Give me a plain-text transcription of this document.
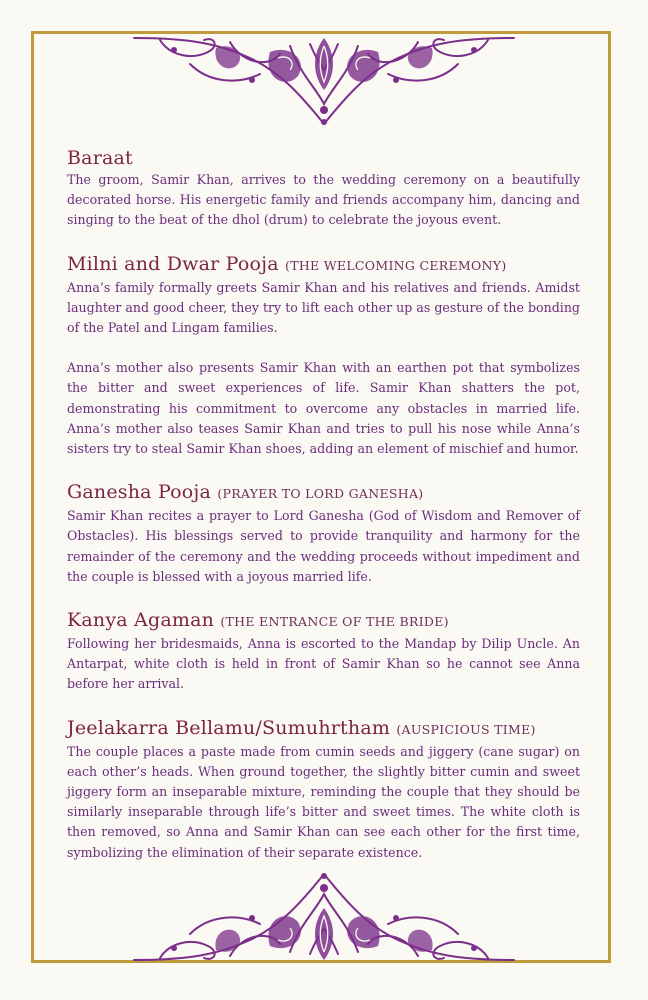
Baraat

The groom, Samir Khan, arrives to the wedding ceremony on a beautifully decorated horse. His energetic family and friends accompany him, dancing and singing to the beat of the dhol (drum) to celebrate the joyous event.

Milni and Dwar Pooja (THE WELCOMING CEREMONY)

Anna’s family formally greets Samir Khan and his relatives and friends. Amidst laughter and good cheer, they try to lift each other up as gesture of the bonding of the Patel and Lingam families.

Anna’s mother also presents Samir Khan with an earthen pot that symbolizes the bitter and sweet experiences of life. Samir Khan shatters the pot, demonstrating his commitment to overcome any obstacles in married life. Anna’s mother also teases Samir Khan and tries to pull his nose while Anna’s sisters try to steal Samir Khan shoes, adding an element of mischief and humor.

Ganesha Pooja (PRAYER TO LORD GANESHA)

Samir Khan recites a prayer to Lord Ganesha (God of Wisdom and Remover of Obstacles). His blessings served to provide tranquility and harmony for the remainder of the ceremony and the wedding proceeds without impediment and the couple is blessed with a joyous married life.

Kanya Agaman (THE ENTRANCE OF THE BRIDE)

Following her bridesmaids, Anna is escorted to the Mandap by Dilip Uncle. An Antarpat, white cloth is held in front of Samir Khan so he cannot see Anna before her arrival.

Jeelakarra Bellamu/Sumuhrtham (AUSPICIOUS TIME)

The couple places a paste made from cumin seeds and jiggery (cane sugar) on each other’s heads. When ground together, the slightly bitter cumin and sweet jiggery form an inseparable mixture, reminding the couple that they should be similarly inseparable through life’s bitter and sweet times. The white cloth is then removed, so Anna and Samir Khan can see each other for the first time, symbolizing the elimination of their separate existence.
